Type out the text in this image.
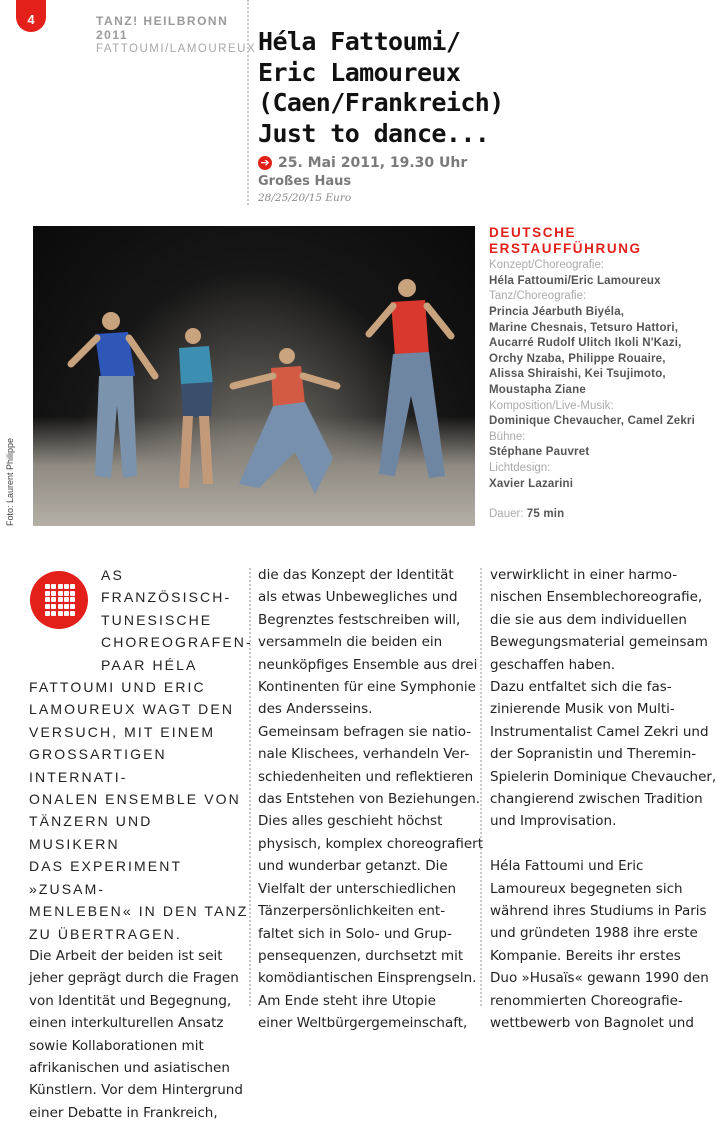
4	TANZ! HEILBRONN 2011
FATTOUMI/LAMOUREUX Héla Fattoumi/
Eric Lamoureux
(Caen/Frankreich)
Just to dance...
➔ 25. Mai 2011, 19.30 Uhr
Großes Haus
28/25/20/15 Euro
Foto: Laurent Philippe
DEUTSCHE ERSTAUFFÜHRUNG
Konzept/Choreografie:
Héla Fattoumi/Eric Lamoureux
Tanz/Choreografie:
Princia Jéarbuth Biyéla,
Marine Chesnais, Tetsuro Hattori,
Aucarré Rudolf Ulitch Ikoli N'Kazi,
Orchy Nzaba, Philippe Rouaire,
Alissa Shiraishi, Kei Tsujimoto,
Moustapha Ziane
Komposition/Live-Musik:
Dominique Chevaucher, Camel Zekri
Bühne:
Stéphane Pauvret
Lichtdesign:
Xavier Lazarini
Dauer: 75 min

AS FRANZÖSISCH-
TUNESISCHE
CHOREOGRAFEN-
PAAR HÉLA
FATTOUMI UND ERIC
LAMOUREUX WAGT DEN
VERSUCH, MIT EINEM
GROSSARTIGEN INTERNATI-
ONALEN ENSEMBLE VON
TÄNZERN UND MUSIKERN
DAS EXPERIMENT »ZUSAM-
MENLEBEN« IN DEN TANZ
ZU ÜBERTRAGEN.

Die Arbeit der beiden ist seit

jeher geprägt durch die Fragen

von Identität und Begegnung,

einen interkulturellen Ansatz

sowie Kollaborationen mit

afrikanischen und asiatischen

Künstlern. Vor dem Hintergrund

einer Debatte in Frankreich,

die das Konzept der Identität

als etwas Unbewegliches und

Begrenztes festschreiben will,

versammeln die beiden ein

neunköpfiges Ensemble aus drei

Kontinenten für eine Symphonie

des Andersseins.

Gemeinsam befragen sie natio-

nale Klischees, verhandeln Ver-

schiedenheiten und reflektieren

das Entstehen von Beziehungen.

Dies alles geschieht höchst

physisch, komplex choreografiert

und wunderbar getanzt. Die

Vielfalt der unterschiedlichen

Tänzerpersönlichkeiten ent-

faltet sich in Solo- und Grup-

pensequenzen, durchsetzt mit

komödiantischen Einsprengseln.

Am Ende steht ihre Utopie

einer Weltbürgergemeinschaft,

verwirklicht in einer harmo-

nischen Ensemblechoreografie,

die sie aus dem individuellen

Bewegungsmaterial gemeinsam

geschaffen haben.

Dazu entfaltet sich die fas-

zinierende Musik von Multi-

Instrumentalist Camel Zekri und

der Sopranistin und Theremin-

Spielerin Dominique Chevaucher,

changierend zwischen Tradition

und Improvisation.

Héla Fattoumi und Eric

Lamoureux begegneten sich

während ihres Studiums in Paris

und gründeten 1988 ihre erste

Kompanie. Bereits ihr erstes

Duo »Husaïs« gewann 1990 den

renommierten Choreografie-

wettbewerb von Bagnolet und
